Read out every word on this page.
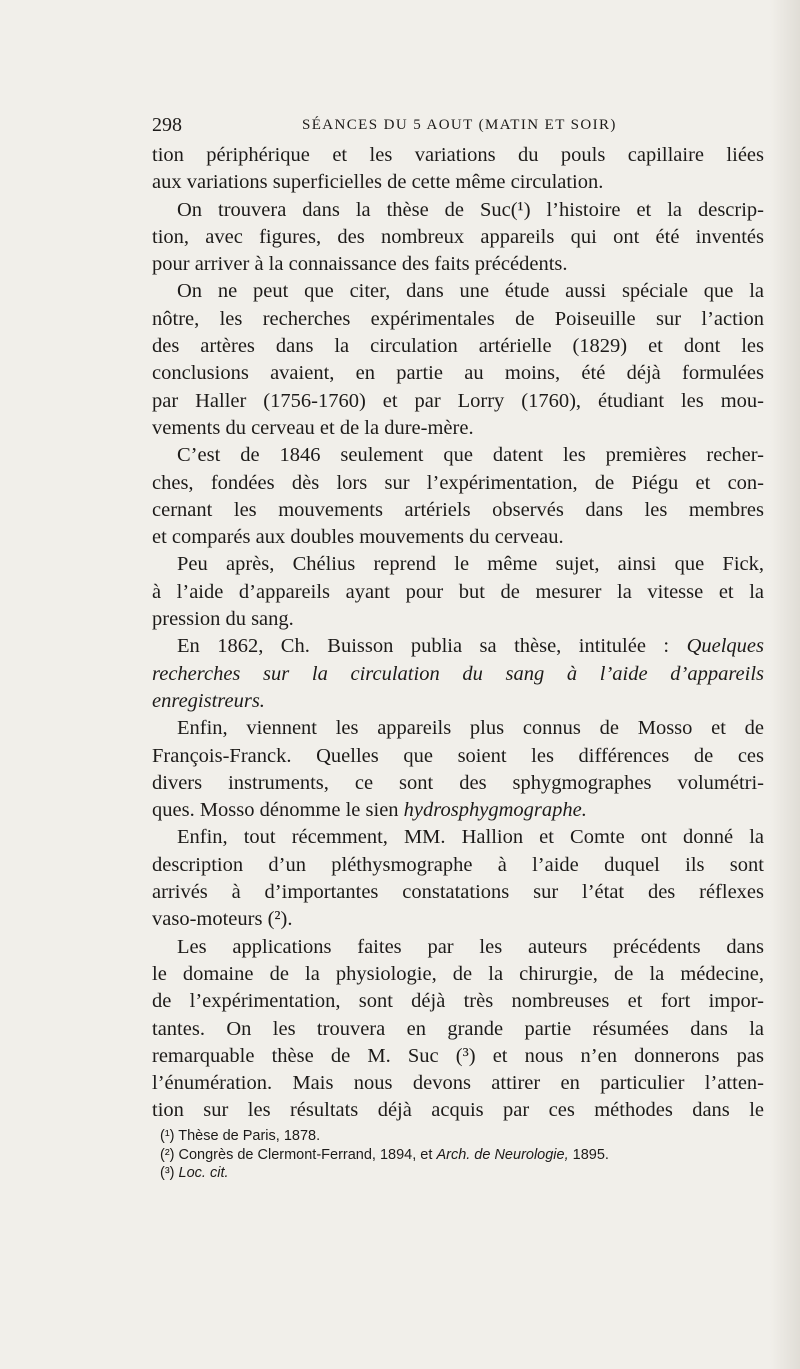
298	SÉANCES DU 5 AOUT (MATIN ET SOIR)
tion périphérique et les variations du pouls capillaire liées
aux variations superficielles de cette même circulation.
On trouvera dans la thèse de Suc(¹) l’histoire et la descrip-
tion, avec figures, des nombreux appareils qui ont été inventés
pour arriver à la connaissance des faits précédents.
On ne peut que citer, dans une étude aussi spéciale que la
nôtre, les recherches expérimentales de Poiseuille sur l’action
des artères dans la circulation artérielle (1829) et dont les
conclusions avaient, en partie au moins, été déjà formulées
par Haller (1756-1760) et par Lorry (1760), étudiant les mou-
vements du cerveau et de la dure-mère.
C’est de 1846 seulement que datent les premières recher-
ches, fondées dès lors sur l’expérimentation, de Piégu et con-
cernant les mouvements artériels observés dans les membres
et comparés aux doubles mouvements du cerveau.
Peu après, Chélius reprend le même sujet, ainsi que Fick,
à l’aide d’appareils ayant pour but de mesurer la vitesse et la
pression du sang.
En 1862, Ch. Buisson publia sa thèse, intitulée : Quelques
recherches sur la circulation du sang à l’aide d’appareils
enregistreurs.
Enfin, viennent les appareils plus connus de Mosso et de
François-Franck. Quelles que soient les différences de ces
divers instruments, ce sont des sphygmographes volumétri-
ques. Mosso dénomme le sien hydrosphygmographe.
Enfin, tout récemment, MM. Hallion et Comte ont donné la
description d’un pléthysmographe à l’aide duquel ils sont
arrivés à d’importantes constatations sur l’état des réflexes
vaso-moteurs (²).
Les applications faites par les auteurs précédents dans
le domaine de la physiologie, de la chirurgie, de la médecine,
de l’expérimentation, sont déjà très nombreuses et fort impor-
tantes. On les trouvera en grande partie résumées dans la
remarquable thèse de M. Suc (³) et nous n’en donnerons pas
l’énumération. Mais nous devons attirer en particulier l’atten-
tion sur les résultats déjà acquis par ces méthodes dans le
(¹) Thèse de Paris, 1878.
(²) Congrès de Clermont-Ferrand, 1894, et Arch. de Neurologie, 1895.
(³) Loc. cit.
